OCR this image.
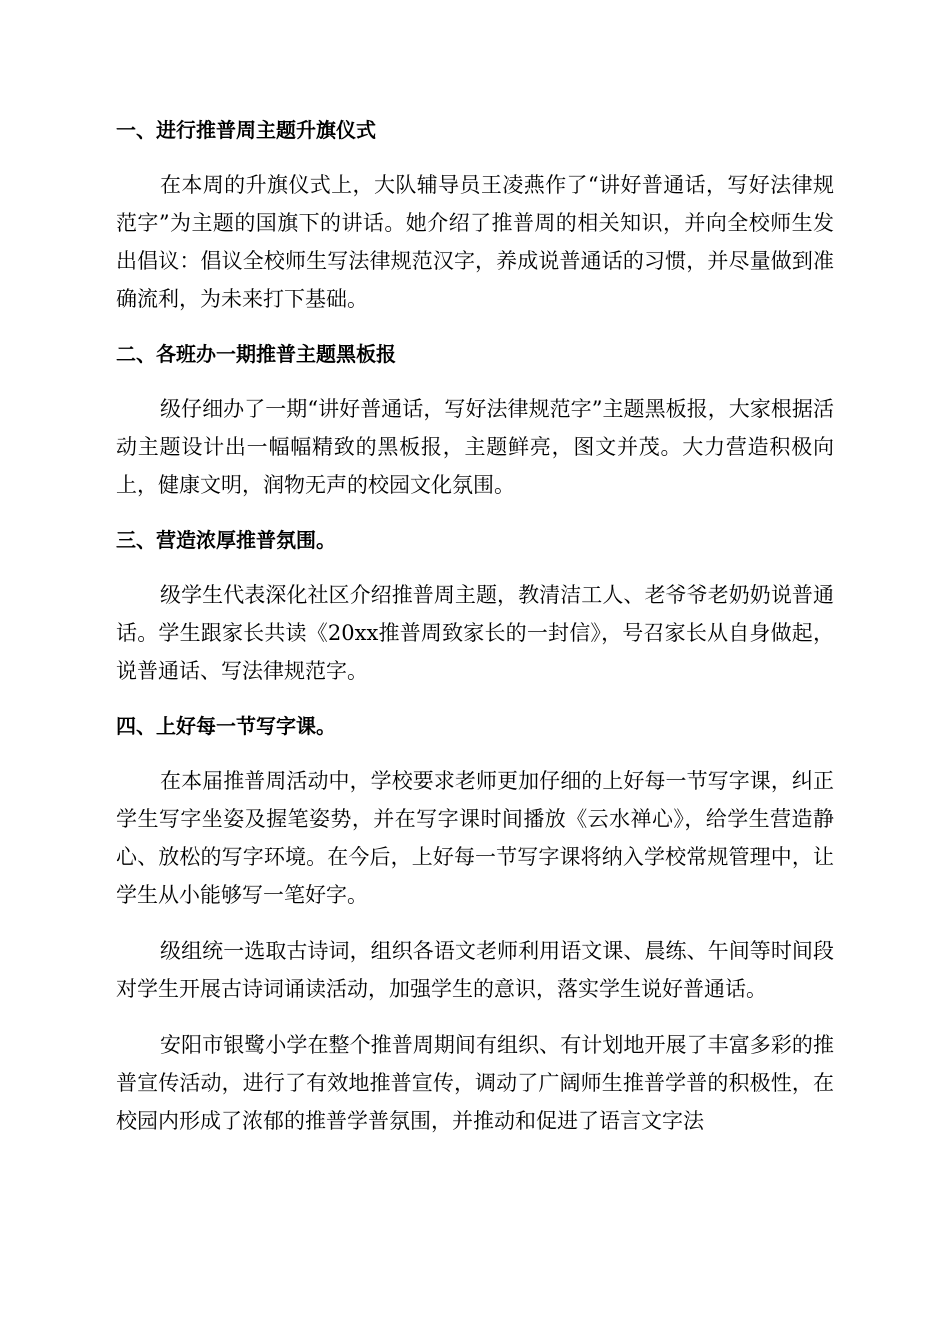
一、进行推普周主题升旗仪式

在本周的升旗仪式上，大队辅导员王凌燕作了“讲好普通话，写好法律规范字”为主题的国旗下的讲话。她介绍了推普周的相关知识，并向全校师生发出倡议：倡议全校师生写法律规范汉字，养成说普通话的习惯，并尽量做到准确流利，为未来打下基础。

二、各班办一期推普主题黑板报

级仔细办了一期“讲好普通话，写好法律规范字”主题黑板报，大家根据活动主题设计出一幅幅精致的黑板报，主题鲜亮，图文并茂。大力营造积极向上，健康文明，润物无声的校园文化氛围。

三、营造浓厚推普氛围。

级学生代表深化社区介绍推普周主题，教清洁工人、老爷爷老奶奶说普通话。学生跟家长共读《20xx推普周致家长的一封信》，号召家长从自身做起，说普通话、写法律规范字。

四、上好每一节写字课。

在本届推普周活动中，学校要求老师更加仔细的上好每一节写字课，纠正学生写字坐姿及握笔姿势，并在写字课时间播放《云水禅心》，给学生营造静心、放松的写字环境。在今后，上好每一节写字课将纳入学校常规管理中，让学生从小能够写一笔好字。

级组统一选取古诗词，组织各语文老师利用语文课、晨练、午间等时间段对学生开展古诗词诵读活动，加强学生的意识，落实学生说好普通话。

安阳市银鹭小学在整个推普周期间有组织、有计划地开展了丰富多彩的推普宣传活动，进行了有效地推普宣传，调动了广阔师生推普学普的积极性，在校园内形成了浓郁的推普学普氛围，并推动和促进了语言文字法
